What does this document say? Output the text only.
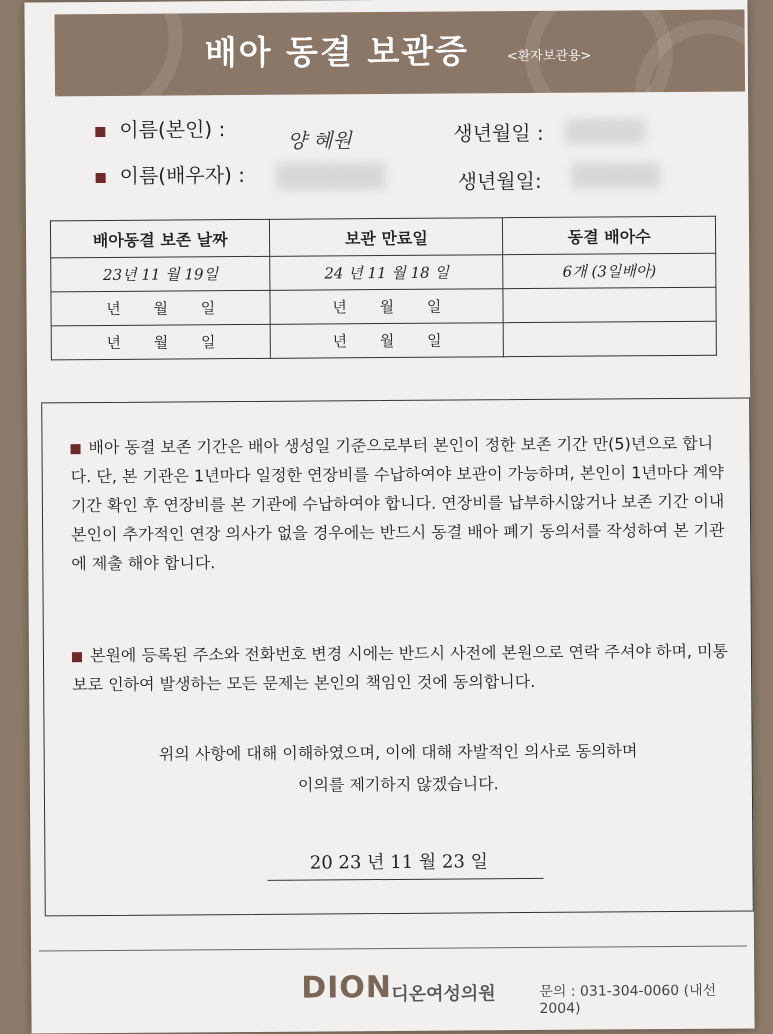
배아 동결 보관증	<환자보관용>
이름(본인) :	양 혜원	생년월일 :
이름(배우자) :	생년월일:
배아동결 보존 날짜	보관 만료일	동결 배아수
23년 11 월 19일	24 년 11 월 18 일	6개 (3일배아)
년 월 일	년 월 일	
년 월 일	년 월 일	
배아 동결 보존 기간은 배아 생성일 기준으로부터 본인이 정한 보존 기간 만(5)년으로 합니다. 단, 본 기관은 1년마다 일정한 연장비를 수납하여야 보관이 가능하며, 본인이 1년마다 계약 기간 확인 후 연장비를 본 기관에 수납하여야 합니다. 연장비를 납부하시않거나 보존 기간 이내 본인이 추가적인 연장 의사가 없을 경우에는 반드시 동결 배아 폐기 동의서를 작성하여 본 기관에 제출 해야 합니다.
본원에 등록된 주소와 전화번호 변경 시에는 반드시 사전에 본원으로 연락 주셔야 하며, 미통보로 인하여 발생하는 모든 문제는 본인의 책임인 것에 동의합니다.
위의 사항에 대해 이해하였으며, 이에 대해 자발적인 의사로 동의하며
이의를 제기하지 않겠습니다.
20 23 년 11 월 23 일
DION 디온여성의원	문의 : 031-304-0060 (내선2004)
